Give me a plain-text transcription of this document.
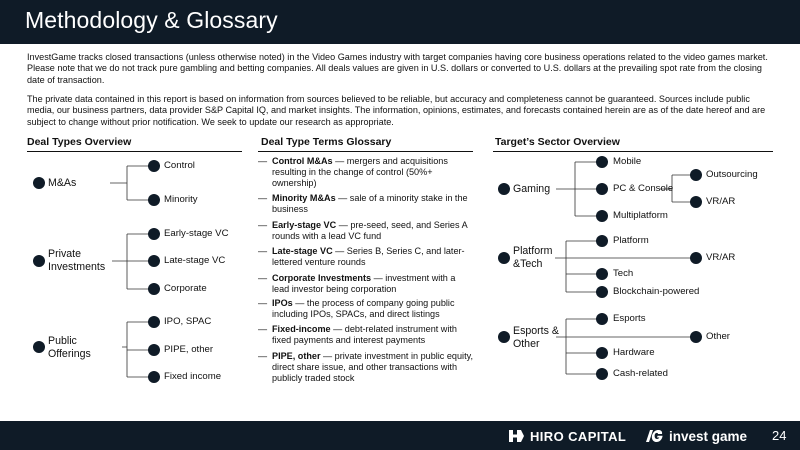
Methodology & Glossary
InvestGame tracks closed transactions (unless otherwise noted) in the Video Games industry with target companies having core business operations related to the video games market. Please note that we do not track pure gambling and betting companies. All deals values are given in U.S. dollars or converted to U.S. dollars at the prevailing spot rate from the closing date of transaction.
The private data contained in this report is based on information from sources believed to be reliable, but accuracy and completeness cannot be guaranteed. Sources include public media, our business partners, data provider S&P Capital IQ, and market insights. The information, opinions, estimates, and forecasts contained herein are as of the date hereof and are subject to change without prior notification. We seek to update our research as appropriate.
Deal Types Overview	Deal Type Terms Glossary	Target’s Sector Overview
M&As
Control
Minority
Private Investments
Early-stage VC
Late-stage VC
Corporate
Public Offerings
IPO, SPAC
PIPE, other
Fixed income
— Control M&As — mergers and acquisitions resulting in the change of control (50%+ ownership)
— Minority M&As — sale of a minority stake in the business
— Early-stage VC — pre-seed, seed, and Series A rounds with a lead VC fund
— Late-stage VC — Series B, Series C, and later-lettered venture rounds
— Corporate Investments — investment with a lead investor being corporation
— IPOs — the process of company going public including IPOs, SPACs, and direct listings
— Fixed-income — debt-related instrument with fixed payments and interest payments
— PIPE, other — private investment in public equity, direct share issue, and other transactions with publicly traded stock
Gaming
Mobile
PC & Console
Multiplatform
Outsourcing
VR/AR
Platform &Tech
Platform
Tech
Blockchain-powered
VR/AR
Esports & Other
Esports
Hardware
Cash-related
Other
HIRO CAPITAL	invest game 24
